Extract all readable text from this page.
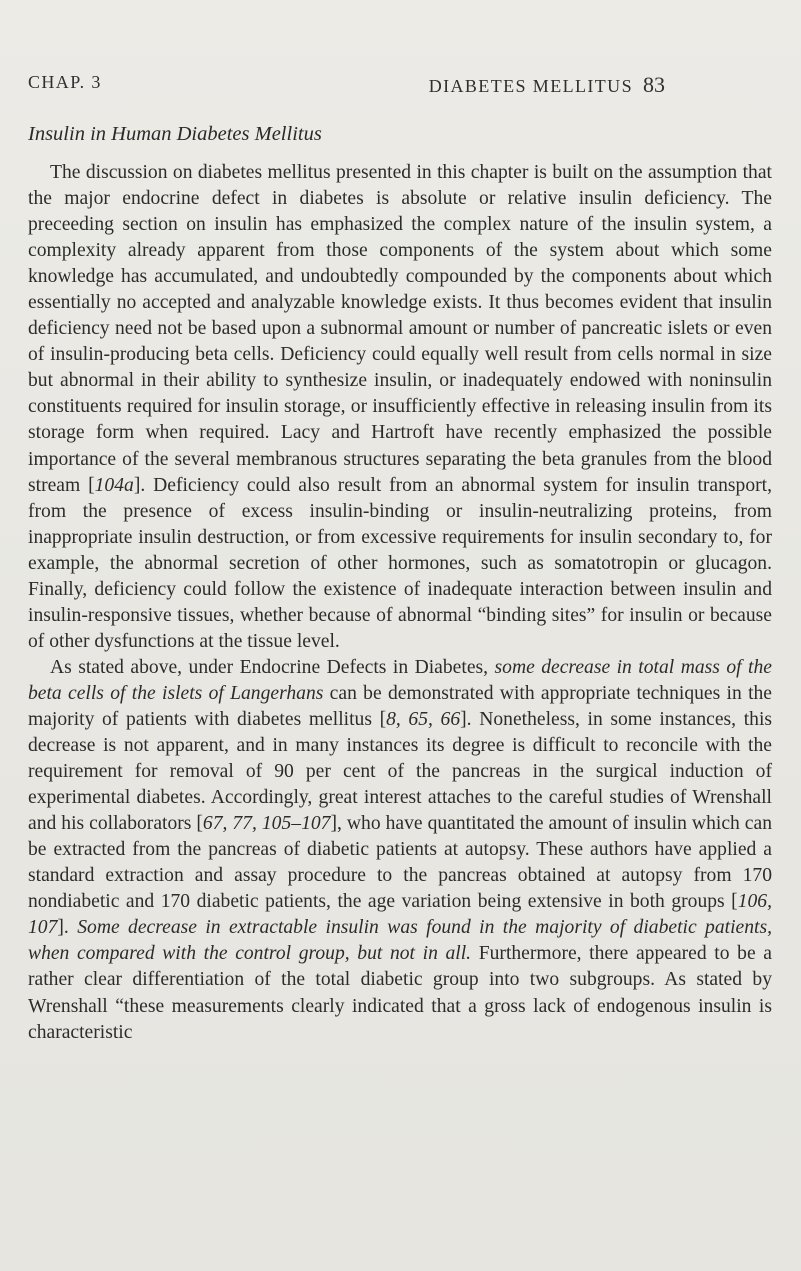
CHAP. 3	DIABETES MELLITUS 83
Insulin in Human Diabetes Mellitus

The discussion on diabetes mellitus presented in this chapter is built on the assumption that the major endocrine defect in diabetes is absolute or relative insulin deficiency. The preceeding section on insulin has emphasized the complex nature of the insulin system, a complexity already apparent from those components of the system about which some knowledge has accumulated, and undoubtedly compounded by the components about which essentially no accepted and analyzable knowledge exists. It thus becomes evident that insulin deficiency need not be based upon a subnormal amount or number of pancreatic islets or even of insulin-producing beta cells. Deficiency could equally well result from cells normal in size but abnormal in their ability to synthesize insulin, or inadequately endowed with noninsulin constituents required for insulin storage, or insufficiently effective in releasing insulin from its storage form when required. Lacy and Hartroft have recently emphasized the possible importance of the several membranous structures separating the beta granules from the blood stream [104a]. Deficiency could also result from an abnormal system for insulin transport, from the presence of excess insulin-binding or insulin-neutralizing proteins, from inappropriate insulin destruction, or from excessive requirements for insulin secondary to, for example, the abnormal secretion of other hormones, such as somatotropin or glucagon. Finally, deficiency could follow the existence of inadequate interaction between insulin and insulin-responsive tissues, whether because of abnormal “binding sites” for insulin or because of other dysfunctions at the tissue level.

As stated above, under Endocrine Defects in Diabetes, some decrease in total mass of the beta cells of the islets of Langerhans can be demonstrated with appropriate techniques in the majority of patients with diabetes mellitus [8, 65, 66]. Nonetheless, in some instances, this decrease is not apparent, and in many instances its degree is difficult to reconcile with the requirement for removal of 90 per cent of the pancreas in the surgical induction of experimental diabetes. Accordingly, great interest attaches to the careful studies of Wrenshall and his collaborators [67, 77, 105–107], who have quantitated the amount of insulin which can be extracted from the pancreas of diabetic patients at autopsy. These authors have applied a standard extraction and assay procedure to the pancreas obtained at autopsy from 170 nondiabetic and 170 diabetic patients, the age variation being extensive in both groups [106, 107]. Some decrease in extractable insulin was found in the majority of diabetic patients, when compared with the control group, but not in all. Furthermore, there appeared to be a rather clear differentiation of the total diabetic group into two subgroups. As stated by Wrenshall “these measurements clearly indicated that a gross lack of endogenous insulin is characteristic
